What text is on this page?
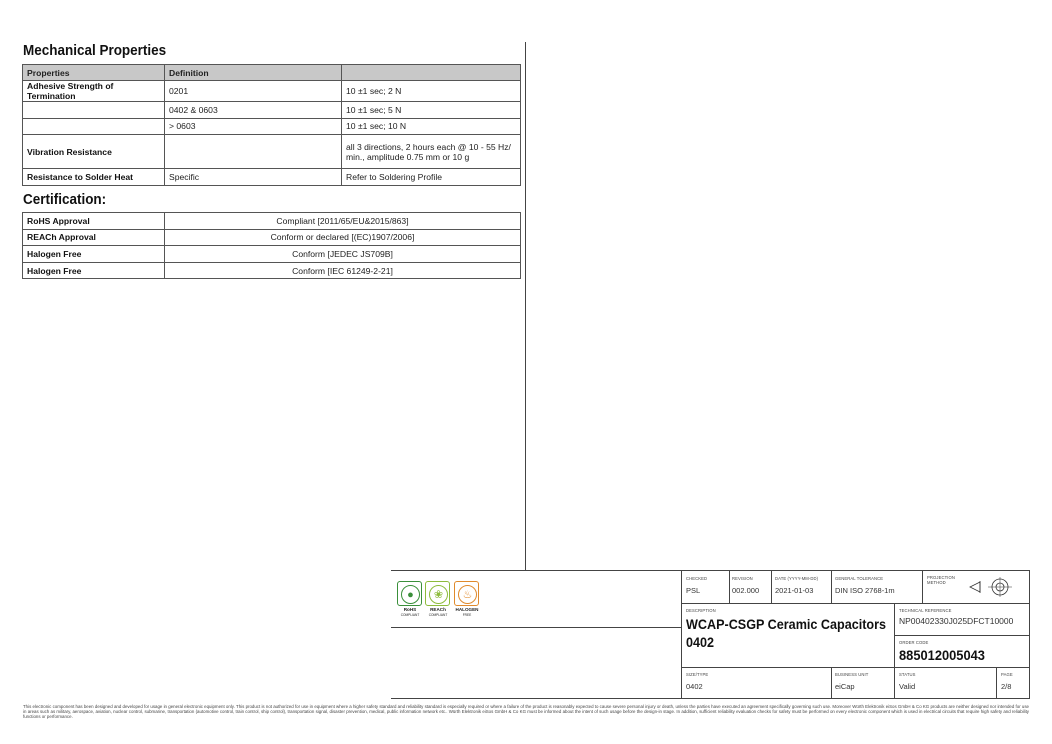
Mechanical Properties
Properties	Definition	
Adhesive Strength of Termination	0201	10 ±1 sec; 2 N
	0402 & 0603	10 ±1 sec; 5 N
	> 0603	10 ±1 sec; 10 N
Vibration Resistance		all 3 directions, 2 hours each @ 10 - 55 Hz/
min., amplitude 0.75 mm or 10 g
Resistance to Solder Heat	Specific	Refer to Soldering Profile
Certification:
RoHS Approval	Compliant [2011/65/EU&2015/863]
REACh Approval	Conform or declared [(EC)1907/2006]
Halogen Free	Conform [JEDEC JS709B]
Halogen Free	Conform [IEC 61249-2-21]
●
RoHS
COMPLIANT
❀
REACh
COMPLIANT
♨
HALOGEN
FREE
CHECKED
PSL
REVISION
002.000
DATE (YYYY-MM-DD)
2021-01-03
GENERAL TOLERANCE
DIN ISO 2768-1m
PROJECTION METHOD
DESCRIPTION
WCAP-CSGP Ceramic Capacitors
0402
TECHNICAL REFERENCE
NP00402330J025DFCT10000
ORDER CODE
885012005043
SIZE/TYPE
0402
BUSINESS UNIT
eiCap
STATUS
Valid
PAGE
2/8
This electronic component has been designed and developed for usage in general electronic equipment only. This product is not authorized for use in equipment where a higher safety standard and reliability standard is especially required or where a failure of the product is reasonably expected to cause severe personal injury or death, unless the parties have executed an agreement specifically governing such use. Moreover Würth Elektronik eiSos GmbH & Co KG products are neither designed nor intended for use in areas such as military, aerospace, aviation, nuclear control, submarine, transportation (automotive control, train control, ship control), transportation signal, disaster prevention, medical, public information network etc.. Würth Elektronik eiSos GmbH & Co KG must be informed about the intent of such usage before the design-in stage. In addition, sufficient reliability evaluation checks for safety must be performed on every electronic component which is used in electrical circuits that require high safety and reliability functions or performance.
